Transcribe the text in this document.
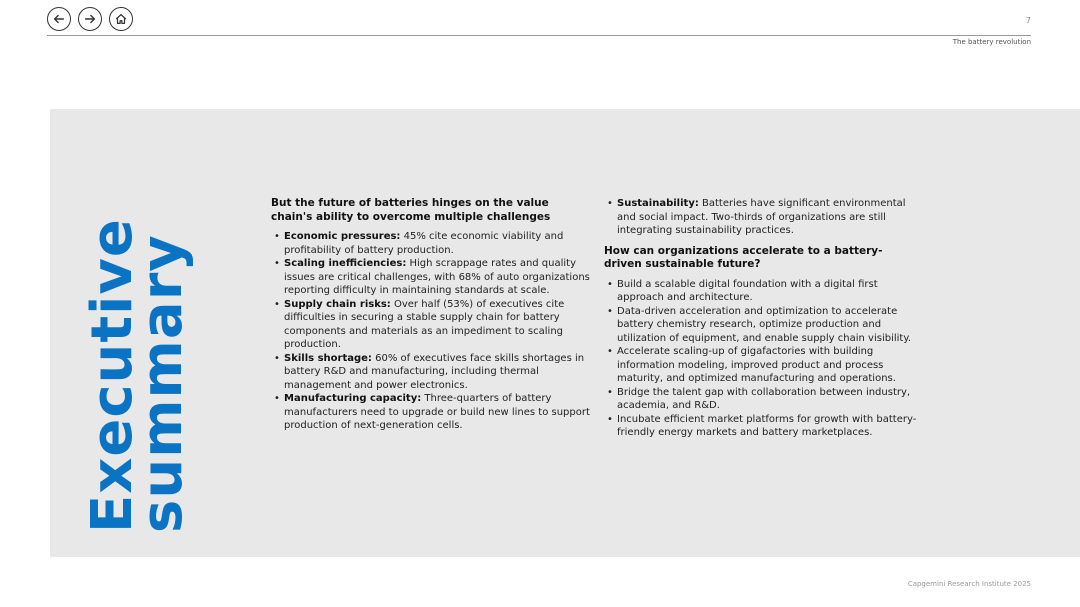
7
The battery revolution
Executive
summary
But the future of batteries hinges on the value chain's ability to overcome multiple challenges
• Economic pressures: 45% cite economic viability and profitability of battery production.
• Scaling inefficiencies: High scrappage rates and quality issues are critical challenges, with 68% of auto organizations reporting difficulty in maintaining standards at scale.
• Supply chain risks: Over half (53%) of executives cite difficulties in securing a stable supply chain for battery components and materials as an impediment to scaling production.
• Skills shortage: 60% of executives face skills shortages in battery R&D and manufacturing, including thermal management and power electronics.
• Manufacturing capacity: Three-quarters of battery manufacturers need to upgrade or build new lines to support production of next-generation cells.
• Sustainability: Batteries have significant environmental and social impact. Two-thirds of organizations are still integrating sustainability practices.
How can organizations accelerate to a battery-driven sustainable future?
• Build a scalable digital foundation with a digital first approach and architecture.
• Data-driven acceleration and optimization to accelerate battery chemistry research, optimize production and utilization of equipment, and enable supply chain visibility.
• Accelerate scaling-up of gigafactories with building information modeling, improved product and process maturity, and optimized manufacturing and operations.
• Bridge the talent gap with collaboration between industry, academia, and R&D.
• Incubate efficient market platforms for growth with battery-friendly energy markets and battery marketplaces.
Capgemini Research Institute 2025
